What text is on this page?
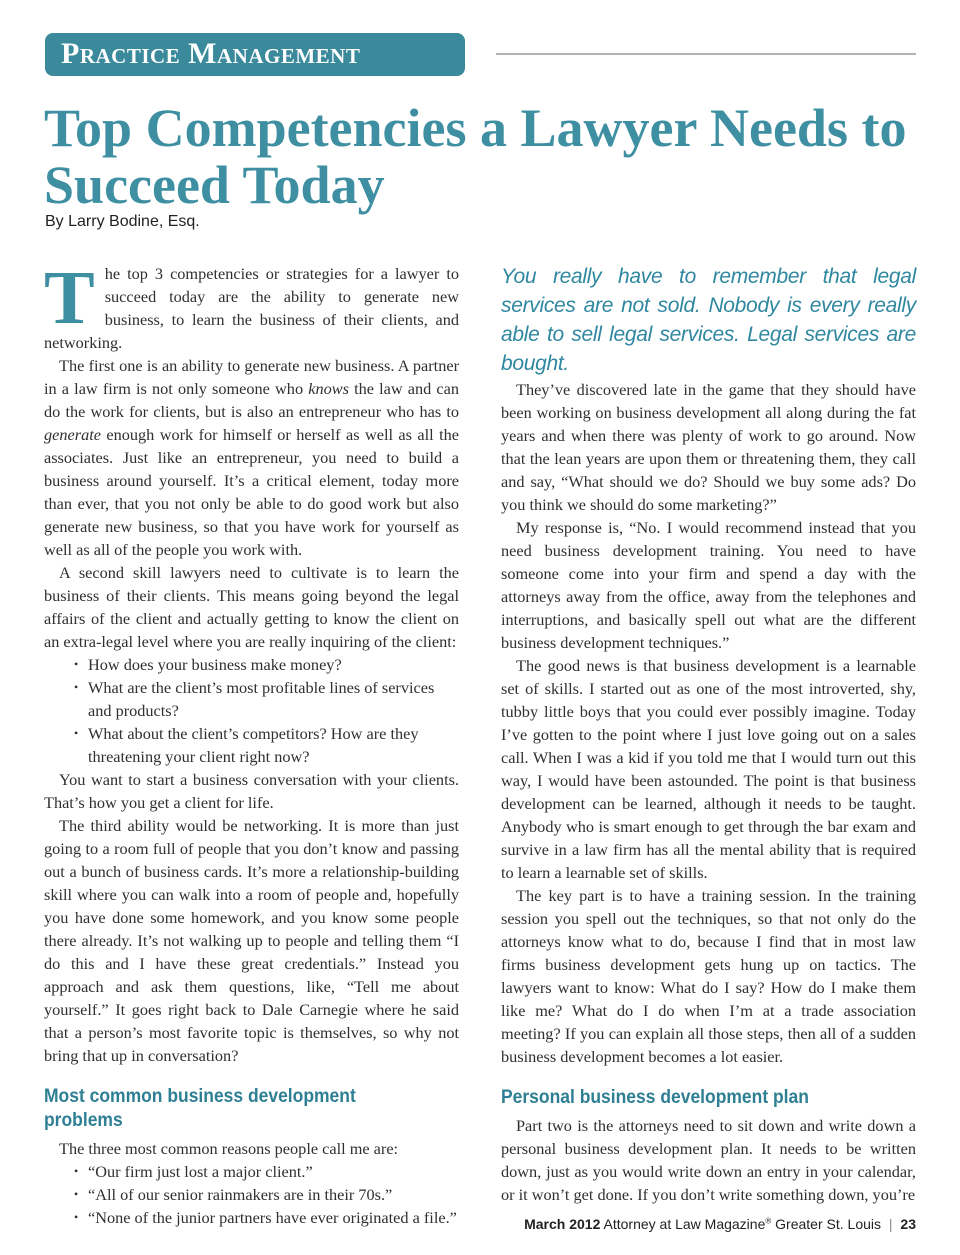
Practice Management
Top Competencies a Lawyer Needs to Succeed Today

By Larry Bodine, Esq.

The top 3 competencies or strategies for a lawyer to succeed today are the ability to generate new business, to learn the business of their clients, and networking.

The first one is an ability to generate new business. A partner in a law firm is not only someone who knows the law and can do the work for clients, but is also an entrepreneur who has to generate enough work for himself or herself as well as all the associates. Just like an entrepreneur, you need to build a business around yourself. It’s a critical element, today more than ever, that you not only be able to do good work but also generate new business, so that you have work for yourself as well as all of the people you work with.

A second skill lawyers need to cultivate is to learn the business of their clients. This means going beyond the legal affairs of the client and actually getting to know the client on an extra-legal level where you are really inquiring of the client:

• How does your business make money?
• What are the client’s most profitable lines of services and products?
• What about the client’s competitors? How are they threatening your client right now?

You want to start a business conversation with your clients. That’s how you get a client for life.

The third ability would be networking. It is more than just going to a room full of people that you don’t know and passing out a bunch of business cards. It’s more a relationship-building skill where you can walk into a room of people and, hopefully you have done some homework, and you know some people there already. It’s not walking up to people and telling them “I do this and I have these great credentials.” Instead you approach and ask them questions, like, “Tell me about yourself.” It goes right back to Dale Carnegie where he said that a person’s most favorite topic is themselves, so why not bring that up in conversation?

Most common business development problems

The three most common reasons people call me are:

• “Our firm just lost a major client.”
• “All of our senior rainmakers are in their 70s.”
• “None of the junior partners have ever originated a file.”

You really have to remember that legal services are not sold. Nobody is every really able to sell legal services. Legal services are bought.

They’ve discovered late in the game that they should have been working on business development all along during the fat years and when there was plenty of work to go around. Now that the lean years are upon them or threatening them, they call and say, “What should we do? Should we buy some ads? Do you think we should do some marketing?”

My response is, “No. I would recommend instead that you need business development training. You need to have someone come into your firm and spend a day with the attorneys away from the office, away from the telephones and interruptions, and basically spell out what are the different business development techniques.”

The good news is that business development is a learnable set of skills. I started out as one of the most introverted, shy, tubby little boys that you could ever possibly imagine. Today I’ve gotten to the point where I just love going out on a sales call. When I was a kid if you told me that I would turn out this way, I would have been astounded. The point is that business development can be learned, although it needs to be taught. Anybody who is smart enough to get through the bar exam and survive in a law firm has all the mental ability that is required to learn a learnable set of skills.

The key part is to have a training session. In the training session you spell out the techniques, so that not only do the attorneys know what to do, because I find that in most law firms business development gets hung up on tactics. The lawyers want to know: What do I say? How do I make them like me? What do I do when I’m at a trade association meeting? If you can explain all those steps, then all of a sudden business development becomes a lot easier.

Personal business development plan

Part two is the attorneys need to sit down and write down a personal business development plan. It needs to be written down, just as you would write down an entry in your calendar, or it won’t get done. If you don’t write something down, you’re

March 2012 Attorney at Law Magazine® Greater St. Louis | 23
